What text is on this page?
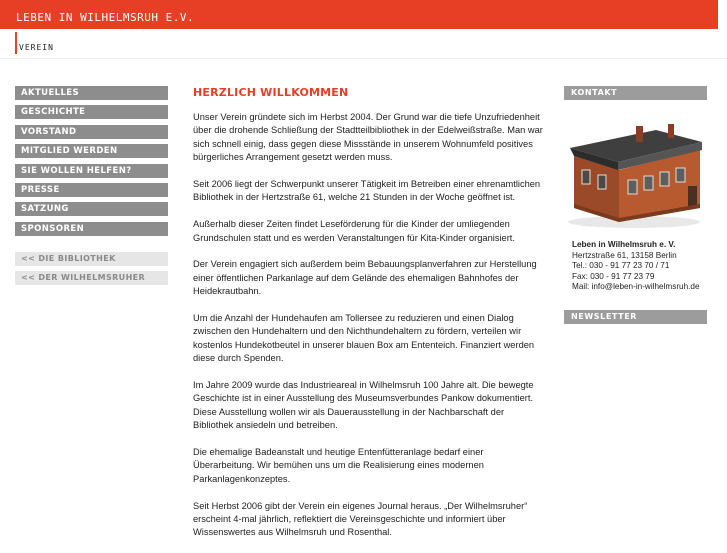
LEBEN IN WILHELMSRUH E.V.
VEREIN
AKTUELLES
GESCHICHTE
VORSTAND
MITGLIED WERDEN
SIE WOLLEN HELFEN?
PRESSE
SATZUNG
SPONSOREN
<< DIE BIBLIOTHEK
<< DER WILHELMSRUHER
HERZLICH WILLKOMMEN

Unser Verein gründete sich im Herbst 2004. Der Grund war die tiefe Unzufriedenheit über die drohende Schließung der Stadtteilbibliothek in der Edelweißstraße. Man war sich schnell einig, dass gegen diese Missstände in unserem Wohnumfeld positives bürgerliches Arrangement gesetzt werden muss.

Seit 2006 liegt der Schwerpunkt unserer Tätigkeit im Betreiben einer ehrenamtlichen Bibliothek in der Hertzstraße 61, welche 21 Stunden in der Woche geöffnet ist.

Außerhalb dieser Zeiten findet Leseförderung für die Kinder der umliegenden Grundschulen statt und es werden Veranstaltungen für Kita-Kinder organisiert.

Der Verein engagiert sich außerdem beim Bebauungsplanverfahren zur Herstellung einer öffentlichen Parkanlage auf dem Gelände des ehemaligen Bahnhofes der Heidekrautbahn.

Um die Anzahl der Hundehaufen am Tollersee zu reduzieren und einen Dialog zwischen den Hundehaltern und den Nichthundehaltern zu fördern, verteilen wir kostenlos Hundekotbeutel in unserer blauen Box am Ententeich. Finanziert werden diese durch Spenden.

Im Jahre 2009 wurde das Industrieareal in Wilhelmsruh 100 Jahre alt. Die bewegte Geschichte ist in einer Ausstellung des Museumsverbundes Pankow dokumentiert. Diese Ausstellung wollen wir als Dauerausstellung in der Nachbarschaft der Bibliothek ansiedeln und betreiben.

Die ehemalige Badeanstalt und heutige Entenfütteranlage bedarf einer Überarbeitung. Wir bemühen uns um die Realisierung eines modernen Parkanlagenkonzeptes.

Seit Herbst 2006 gibt der Verein ein eigenes Journal heraus. „Der Wilhelmsruher“ erscheint 4-mal jährlich, reflektiert die Vereinsgeschichte und informiert über Wissenswertes aus Wilhelmsruh und Rosenthal.

KONTAKT
Leben in Wilhelmsruh e. V.
Hertzstraße 61, 13158 Berlin
Tel.: 030 - 91 77 23 70 / 71
Fax: 030 - 91 77 23 79
Mail: info@leben-in-wilhelmsruh.de
NEWSLETTER
